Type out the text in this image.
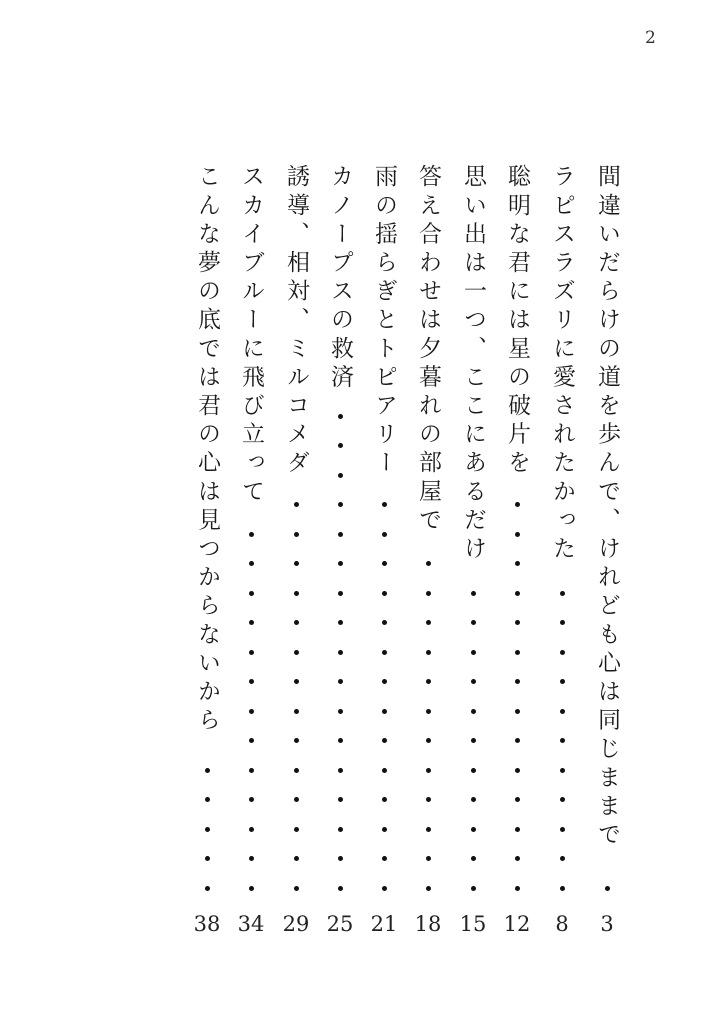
2
間違いだらけの道を歩んで、けれども心は同じままで
ラピスラズリに愛されたかった
聡明な君には星の破片を
思い出は一つ、ここにあるだけ
答え合わせは夕暮れの部屋で
雨の揺らぎとトピアリー
カノープスの救済
誘導、相対、ミルコメダ
スカイブルーに飛び立って
こんな夢の底では君の心は見つからないから
3
8
12
15
18
21
25
29
34
38
